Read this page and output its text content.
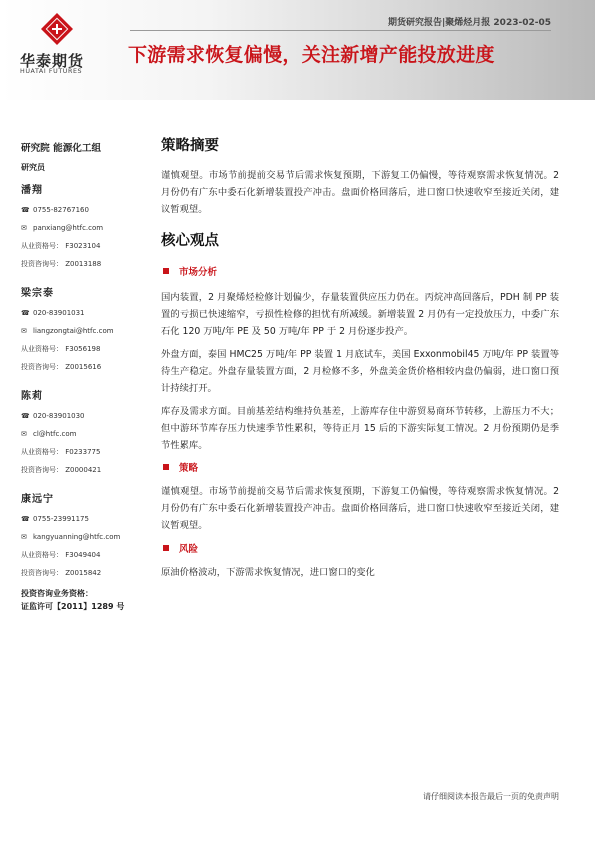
华泰期货
HUATAI FUTURES
期货研究报告|聚烯烃月报 2023-02-05
下游需求恢复偏慢，关注新增产能投放进度
研究院 能源化工组
研究员
潘翔
☎ 0755-82767160
✉ panxiang@htfc.com
从业资格号： F3023104
投资咨询号： Z0013188
梁宗泰
☎ 020-83901031
✉ liangzongtai@htfc.com
从业资格号： F3056198
投资咨询号： Z0015616
陈莉
☎ 020-83901030
✉ cl@htfc.com
从业资格号： F0233775
投资咨询号： Z0000421
康远宁
☎ 0755-23991175
✉ kangyuanning@htfc.com
从业资格号： F3049404
投资咨询号： Z0015842
投资咨询业务资格：
证监许可【2011】1289 号
策略摘要
谨慎观望。市场节前提前交易节后需求恢复预期，下游复工仍偏慢，等待观察需求恢复情况。2 月份仍有广东中委石化新增装置投产冲击。盘面价格回落后，进口窗口快速收窄至接近关闭，建议暂观望。
核心观点
市场分析
国内装置，2 月聚烯烃检修计划偏少，存量装置供应压力仍在。丙烷冲高回落后，PDH 制 PP 装置的亏损已快速缩窄，亏损性检修的担忧有所减缓。新增装置 2 月仍有一定投放压力，中委广东石化 120 万吨/年 PE 及 50 万吨/年 PP 于 2 月份逐步投产。
外盘方面，泰国 HMC25 万吨/年 PP 装置 1 月底试车，美国 Exxonmobil45 万吨/年 PP 装置等待生产稳定。外盘存量装置方面，2 月检修不多，外盘美金货价格相较内盘仍偏弱，进口窗口预计持续打开。
库存及需求方面。目前基差结构维持负基差，上游库存住中游贸易商环节转移，上游压力不大；但中游环节库存压力快速季节性累积，等待正月 15 后的下游实际复工情况。2 月份预期仍是季节性累库。
策略
谨慎观望。市场节前提前交易节后需求恢复预期，下游复工仍偏慢，等待观察需求恢复情况。2 月份仍有广东中委石化新增装置投产冲击。盘面价格回落后，进口窗口快速收窄至接近关闭，建议暂观望。
风险
原油价格波动，下游需求恢复情况，进口窗口的变化
请仔细阅读本报告最后一页的免责声明
